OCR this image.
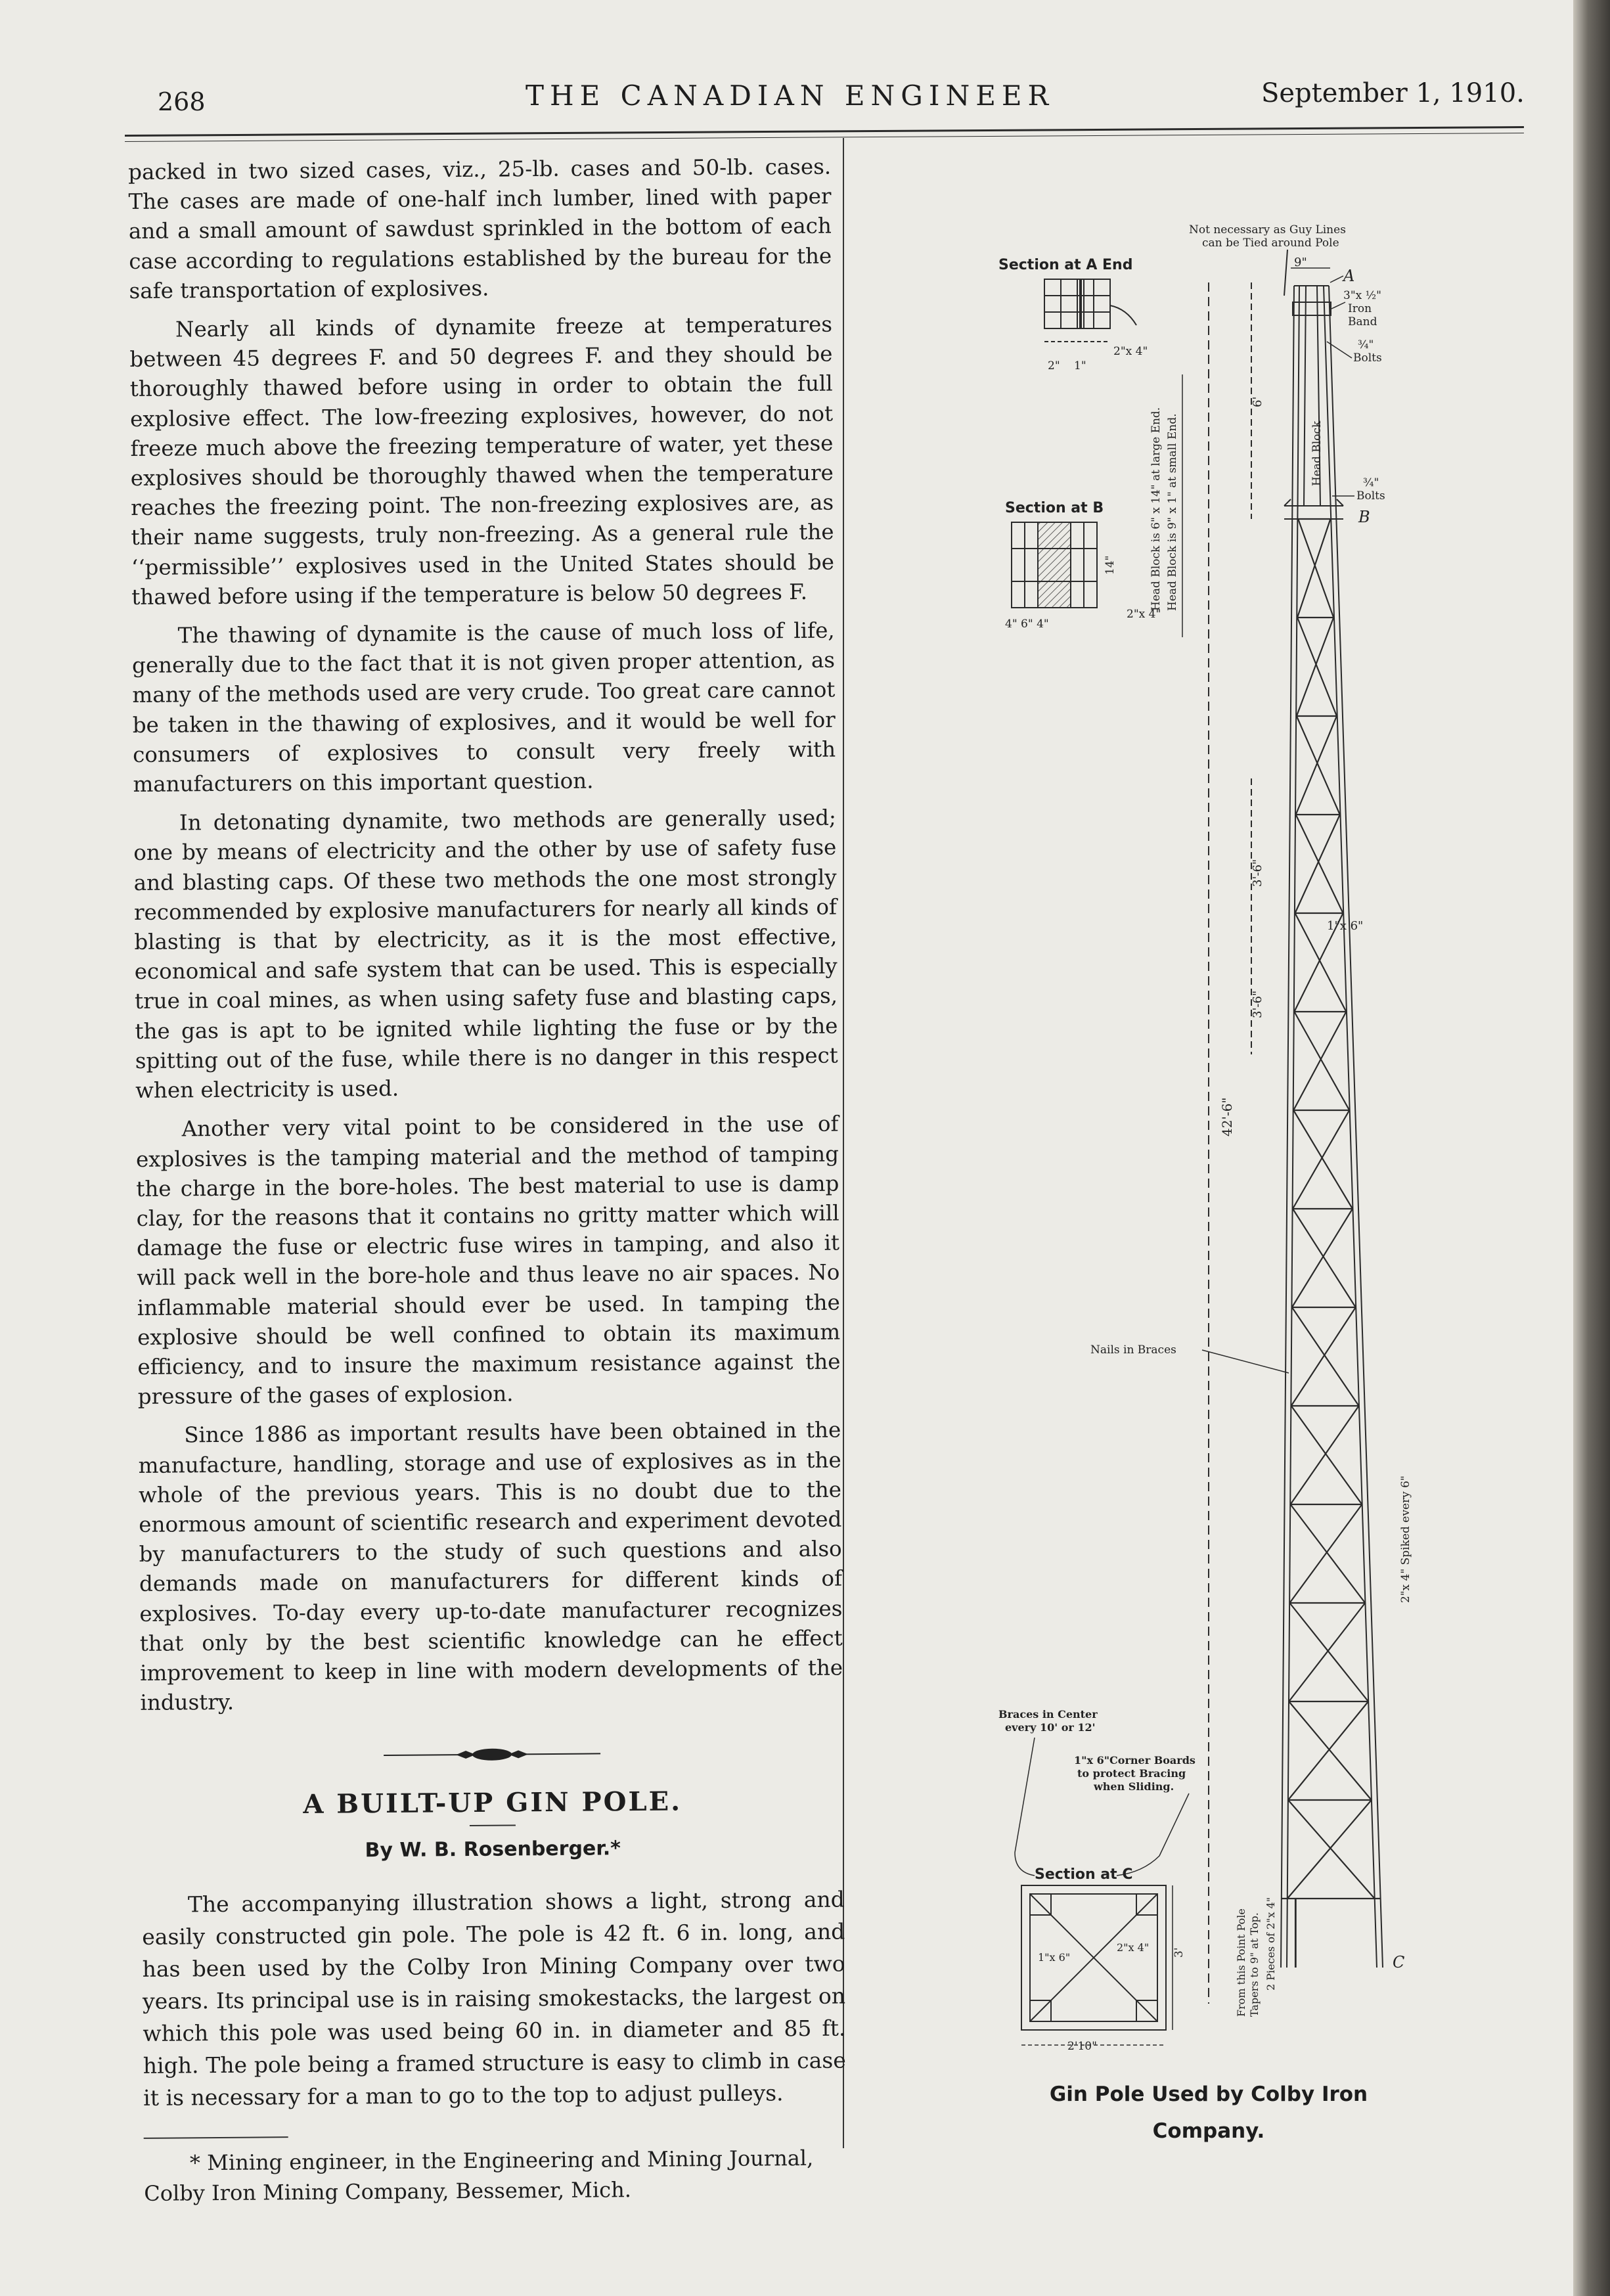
268	THE CANADIAN ENGINEER	September 1, 1910.

packed in two sized cases, viz., 25-lb. cases and 50-lb. cases. The cases are made of one-half inch lumber, lined with paper and a small amount of sawdust sprinkled in the bottom of each case according to regulations established by the bureau for the safe transportation of explosives.

Nearly all kinds of dynamite freeze at temperatures between 45 degrees F. and 50 degrees F. and they should be thoroughly thawed before using in order to obtain the full explosive effect. The low-freezing explosives, however, do not freeze much above the freezing temperature of water, yet these explosives should be thoroughly thawed when the temperature reaches the freezing point. The non-freezing explosives are, as their name suggests, truly non-freezing. As a general rule the ‘‘permissible’’ explosives used in the United States should be thawed before using if the temperature is below 50 degrees F.

The thawing of dynamite is the cause of much loss of life, generally due to the fact that it is not given proper attention, as many of the methods used are very crude. Too great care cannot be taken in the thawing of explosives, and it would be well for consumers of explosives to consult very freely with manufacturers on this important question.

In detonating dynamite, two methods are generally used; one by means of electricity and the other by use of safety fuse and blasting caps. Of these two methods the one most strongly recommended by explosive manufacturers for nearly all kinds of blasting is that by electricity, as it is the most effective, economical and safe system that can be used. This is especially true in coal mines, as when using safety fuse and blasting caps, the gas is apt to be ignited while lighting the fuse or by the spitting out of the fuse, while there is no danger in this respect when electricity is used.

Another very vital point to be considered in the use of explosives is the tamping material and the method of tamping the charge in the bore-holes. The best material to use is damp clay, for the reasons that it contains no gritty matter which will damage the fuse or electric fuse wires in tamping, and also it will pack well in the bore-hole and thus leave no air spaces. No inflammable material should ever be used. In tamping the explosive should be well confined to obtain its maximum efficiency, and to insure the maximum resistance against the pressure of the gases of explosion.

Since 1886 as important results have been obtained in the manufacture, handling, storage and use of explosives as in the whole of the previous years. This is no doubt due to the enormous amount of scientific research and experiment devoted by manufacturers to the study of such questions and also demands made on manufacturers for different kinds of explosives. To-day every up-to-date manufacturer recognizes that only by the best scientific knowledge can he effect improvement to keep in line with modern developments of the industry.

A BUILT-UP GIN POLE.
By W. B. Rosenberger.*

The accompanying illustration shows a light, strong and easily constructed gin pole. The pole is 42 ft. 6 in. long, and has been used by the Colby Iron Mining Company over two years. Its principal use is in raising smokestacks, the largest on which this pole was used being 60 in. in diameter and 85 ft. high. The pole being a framed structure is easy to climb in case it is necessary for a man to go to the top to adjust pulleys.

* Mining engineer, in the Engineering and Mining Journal, Colby Iron Mining Company, Bessemer, Mich.

Not necessary as Guy Lines
can be Tied around Pole
Section at A End
2" 1"
2"x 4"
Section at B
4" 6" 4"
14"
2"x 4"
Head Block is 6" x 14" at large End. Head Block is 9" x 1" at small End.
42'-6"
6'
3'-6"
3'-6"
9"
Head Block
A
3"x ½"
Iron
Band
¾"
Bolts
¾"
Bolts
B
1"x 6"
Nails in Braces
2"x 4" Spiked every 6"
Braces in Center
every 10' or 12'
1"x 6"Corner Boards
to protect Bracing
when Sliding.
Section at C
1"x 6"
2"x 4"
2'10"
3'	From this Point Pole Tapers to 9" at Top. 2 Pieces of 2"x 4"	C
Gin Pole Used by Colby Iron
Company.
